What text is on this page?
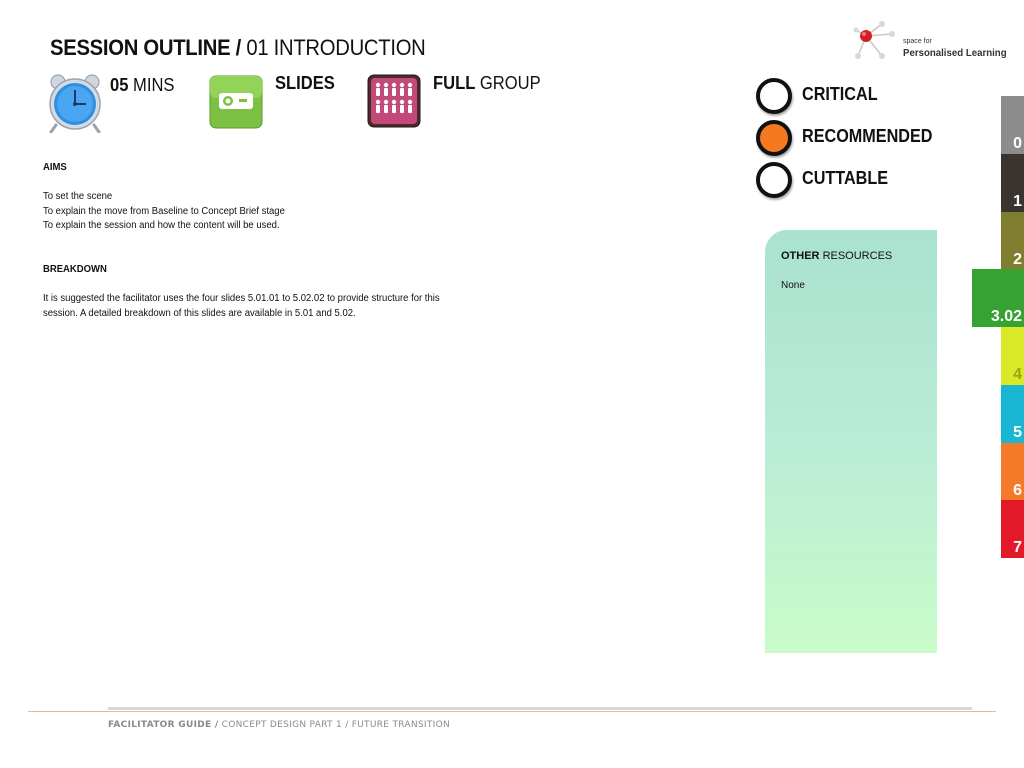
SESSION OUTLINE / 01 INTRODUCTION
05 MINS	SLIDES	FULL GROUP
AIMS
To set the scene
To explain the move from Baseline to Concept Brief stage
To explain the session and how the content will be used.
BREAKDOWN
It is suggested the facilitator uses the four slides 5.01.01 to 5.02.02 to provide structure for this
session. A detailed breakdown of this slides are available in 5.01 and 5.02.
CRITICAL
RECOMMENDED
CUTTABLE
OTHER RESOURCES
None
0
1
2
3.02
4
5
6
7
space for
Personalised Learning
FACILITATOR GUIDE / CONCEPT DESIGN PART 1 / FUTURE TRANSITION
